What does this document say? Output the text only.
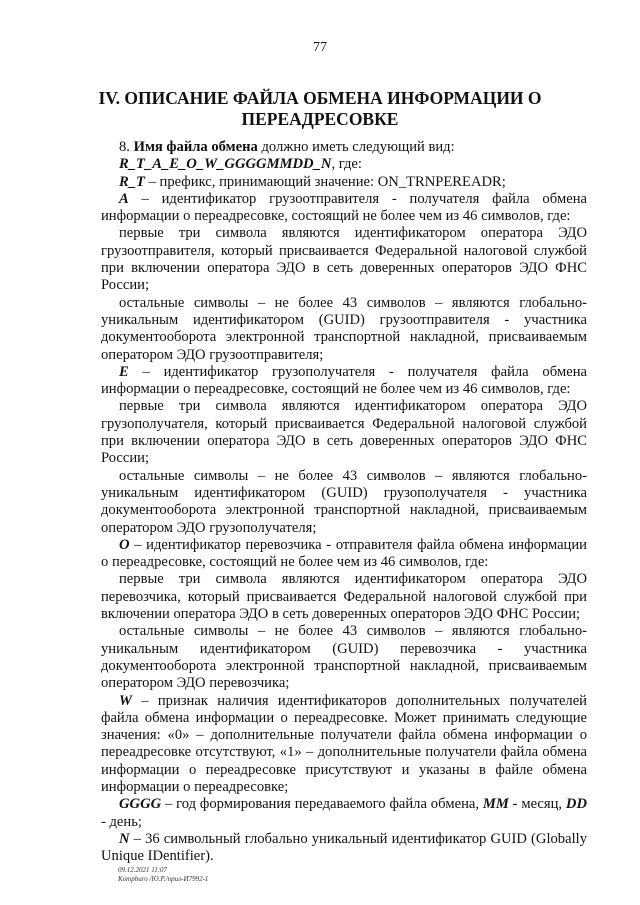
77
IV. ОПИСАНИЕ ФАЙЛА ОБМЕНА ИНФОРМАЦИИ О
ПЕРЕАДРЕСОВКЕ

8. Имя файла обмена должно иметь следующий вид:

R_T_A_E_O_W_GGGGMMDD_N, где:

R_T – префикс, принимающий значение: ON_TRNPEREADR;

A – идентификатор грузоотправителя - получателя файла обмена информации о переадресовке, состоящий не более чем из 46 символов, где:

первые три символа являются идентификатором оператора ЭДО грузоотправителя, который присваивается Федеральной налоговой службой при включении оператора ЭДО в сеть доверенных операторов ЭДО ФНС России;

остальные символы – не более 43 символов – являются глобально-уникальным идентификатором (GUID) грузоотправителя - участника документооборота электронной транспортной накладной, присваиваемым оператором ЭДО грузоотправителя;

E – идентификатор грузополучателя - получателя файла обмена информации о переадресовке, состоящий не более чем из 46 символов, где:

первые три символа являются идентификатором оператора ЭДО грузополучателя, который присваивается Федеральной налоговой службой при включении оператора ЭДО в сеть доверенных операторов ЭДО ФНС России;

остальные символы – не более 43 символов – являются глобально-уникальным идентификатором (GUID) грузополучателя - участника документооборота электронной транспортной накладной, присваиваемым оператором ЭДО грузополучателя;

O – идентификатор перевозчика - отправителя файла обмена информации о переадресовке, состоящий не более чем из 46 символов, где:

первые три символа являются идентификатором оператора ЭДО перевозчика, который присваивается Федеральной налоговой службой при включении оператора ЭДО в сеть доверенных операторов ЭДО ФНС России;

остальные символы – не более 43 символов – являются глобально-уникальным идентификатором (GUID) перевозчика - участника документооборота электронной транспортной накладной, присваиваемым оператором ЭДО перевозчика;

W – признак наличия идентификаторов дополнительных получателей файла обмена информации о переадресовке. Может принимать следующие значения: «0» – дополнительные получатели файла обмена информации о переадресовке отсутствуют, «1» – дополнительные получатели файла обмена информации о переадресовке присутствуют и указаны в файле обмена информации о переадресовке;

GGGG – год формирования передаваемого файла обмена, MM - месяц, DD - день;

N – 36 символьный глобально уникальный идентификатор GUID (Globally Unique IDentifier).

09.12.2021 11:07
Kompburo /Ю.Р./прил-И7992-1
